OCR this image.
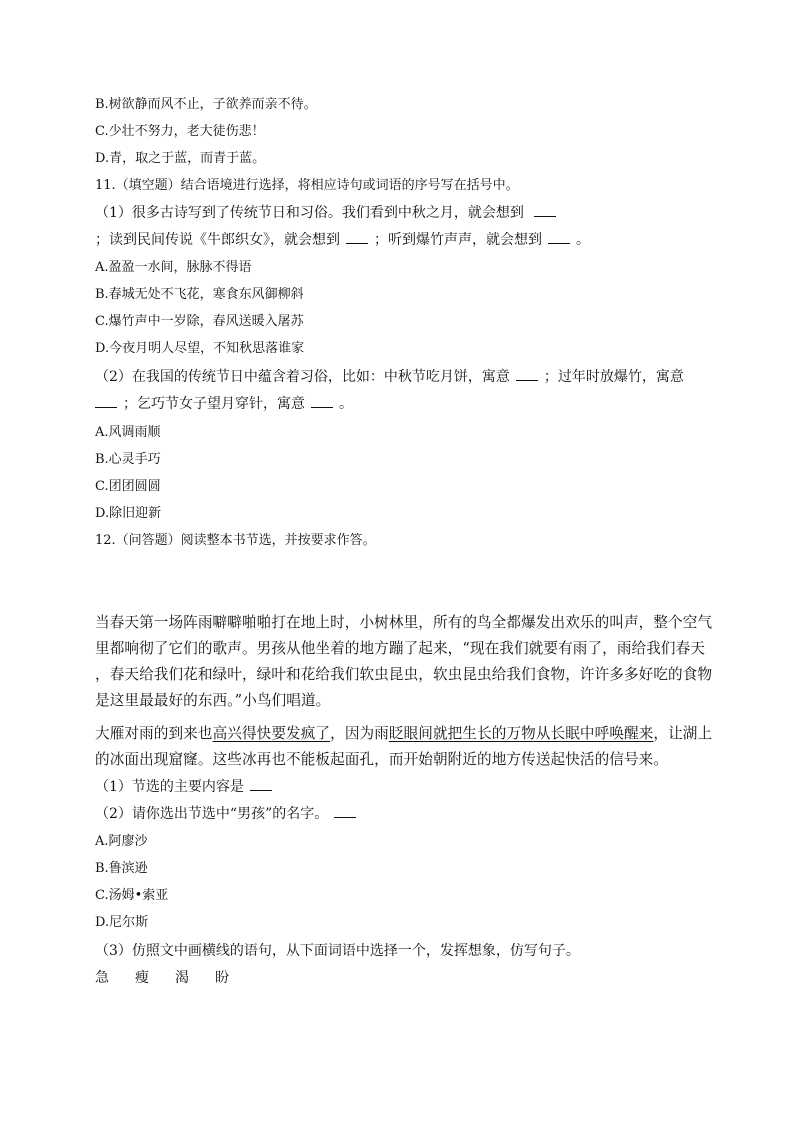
B.树欲静而风不止，子欲养而亲不待。
C.少壮不努力，老大徒伤悲！
D.青，取之于蓝，而青于蓝。
11.（填空题）结合语境进行选择，将相应诗句或词语的序号写在括号中。
（1）很多古诗写到了传统节日和习俗。我们看到中秋之月，就会想到
；读到民间传说《牛郎织女》，就会想到 ；听到爆竹声声，就会想到 。
A.盈盈一水间，脉脉不得语
B.春城无处不飞花，寒食东风御柳斜
C.爆竹声中一岁除，春风送暖入屠苏
D.今夜月明人尽望，不知秋思落谁家
（2）在我国的传统节日中蕴含着习俗，比如：中秋节吃月饼，寓意 ；过年时放爆竹，寓意
；乞巧节女子望月穿针，寓意 。
A.风调雨顺
B.心灵手巧
C.团团圆圆
D.除旧迎新
12.（问答题）阅读整本书节选，并按要求作答。
当春天第一场阵雨噼噼啪啪打在地上时，小树林里，所有的鸟全都爆发出欢乐的叫声，整个空气
里都响彻了它们的歌声。男孩从他坐着的地方蹦了起来，“现在我们就要有雨了，雨给我们春天
，春天给我们花和绿叶，绿叶和花给我们软虫昆虫，软虫昆虫给我们食物，许许多多好吃的食物
是这里最最好的东西。”小鸟们唱道。
大雁对雨的到来也高兴得快要发疯了，因为雨眨眼间就把生长的万物从长眠中呼唤醒来，让湖上
的冰面出现窟窿。这些冰再也不能板起面孔，而开始朝附近的地方传送起快活的信号来。
（1）节选的主要内容是
（2）请你选出节选中“男孩”的名字。
A.阿廖沙
B.鲁滨逊
C.汤姆•索亚
D.尼尔斯
（3）仿照文中画横线的语句，从下面词语中选择一个，发挥想象，仿写句子。
急 瘦 渴 盼
